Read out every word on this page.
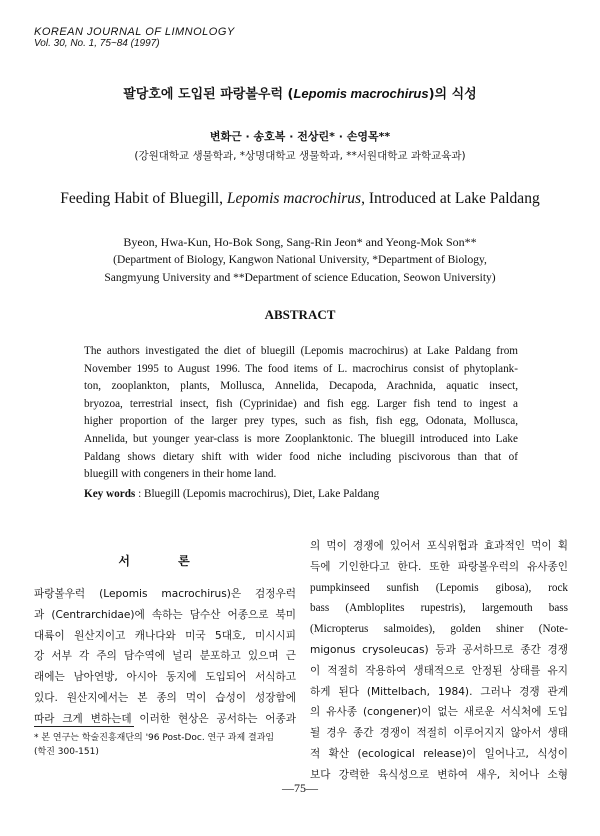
KOREAN JOURNAL OF LIMNOLOGY
Vol. 30, No. 1, 75~84 (1997)
팔당호에 도입된 파랑볼우럭 (Lepomis macrochirus)의 식성
변화근 · 송호복 · 전상린* · 손영목**
(강원대학교 생물학과, *상명대학교 생물학과, **서원대학교 과학교육과)
Feeding Habit of Bluegill, Lepomis macrochirus, Introduced at Lake Paldang
Byeon, Hwa-Kun, Ho-Bok Song, Sang-Rin Jeon* and Yeong-Mok Son**
(Department of Biology, Kangwon National University, *Department of Biology,
Sangmyung University and **Department of science Education, Seowon University)
ABSTRACT
The authors investigated the diet of bluegill (Lepomis macrochirus) at Lake Paldang from
November 1995 to August 1996. The food items of L. macrochirus consist of phytoplank-
ton, zooplankton, plants, Mollusca, Annelida, Decapoda, Arachnida, aquatic insect,
bryozoa, terrestrial insect, fish (Cyprinidae) and fish egg. Larger fish tend to ingest a
higher proportion of the larger prey types, such as fish, fish egg, Odonata, Mollusca,
Annelida, but younger year-class is more Zooplanktonic. The bluegill introduced into Lake
Paldang shows dietary shift with wider food niche including piscivorous than that of
bluegill with congeners in their home land.
Key words : Bluegill (Lepomis macrochirus), Diet, Lake Paldang
서 론
파랑볼우럭 (Lepomis macrochirus)은 검정우럭
과 (Centrarchidae)에 속하는 담수산 어종으로 북미
대륙이 원산지이고 캐나다와 미국 5대호, 미시시피
강 서부 각 주의 담수역에 널리 분포하고 있으며 근
래에는 남아연방, 아시아 동지에 도입되어 서식하고
있다. 원산지에서는 본 종의 먹이 습성이 성장함에
따라 크게 변하는데 이러한 현상은 공서하는 어종과
* 본 연구는 학술진흥재단의 '96 Post-Doc. 연구 과제 결과임
(학진 300-151)
의 먹이 경쟁에 있어서 포식위협과 효과적인 먹이 획
득에 기인한다고 한다. 또한 파랑볼우럭의 유사종인
pumpkinseed sunfish (Lepomis gibosa), rock
bass (Ambloplites rupestris), largemouth bass
(Micropterus salmoides), golden shiner (Note-
migonus crysoleucas) 등과 공서하므로 종간 경쟁
이 적절히 작용하여 생태적으로 안정된 상태를 유지
하게 된다 (Mittelbach, 1984). 그러나 경쟁 관계
의 유사종 (congener)이 없는 새로운 서식처에 도입
될 경우 종간 경쟁이 적절히 이루어지지 않아서 생태
적 확산 (ecological release)이 일어나고, 식성이
보다 강력한 육식성으로 변하여 새우, 치어나 소형
—75—
